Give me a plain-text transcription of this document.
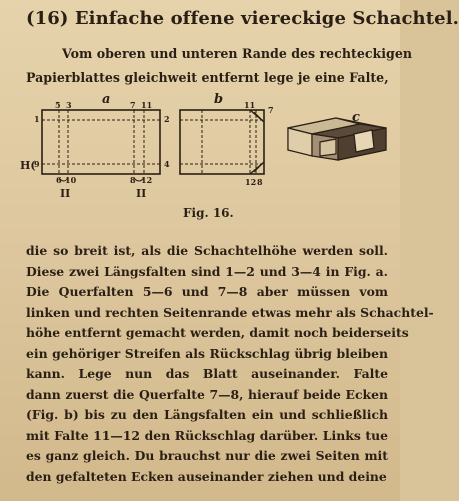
(16) Einfache offene viereckige Schachtel.
Vom oberen und unteren Rande des rechteckigen
Papierblattes gleichweit entfernt lege je eine Falte,
a	b
c
5 3	7 11
1	2
4
6 10	8 12
9
H(
II	II
11 7
12 8
Fig. 16.
die so breit ist, als die Schachtelhöhe werden soll.
Diese zwei Längsfalten sind 1—2 und 3—4 in Fig. a.
Die Querfalten 5—6 und 7—8 aber müssen vom
linken und rechten Seitenrande etwas mehr als Schachtel-
höhe entfernt gemacht werden, damit noch beiderseits
ein gehöriger Streifen als Rückschlag übrig bleiben
kann. Lege nun das Blatt auseinander. Falte
dann zuerst die Querfalte 7—8, hierauf beide Ecken
(Fig. b) bis zu den Längsfalten ein und schließlich
mit Falte 11—12 den Rückschlag darüber. Links tue
es ganz gleich. Du brauchst nur die zwei Seiten mit
den gefalteten Ecken auseinander ziehen und deine
